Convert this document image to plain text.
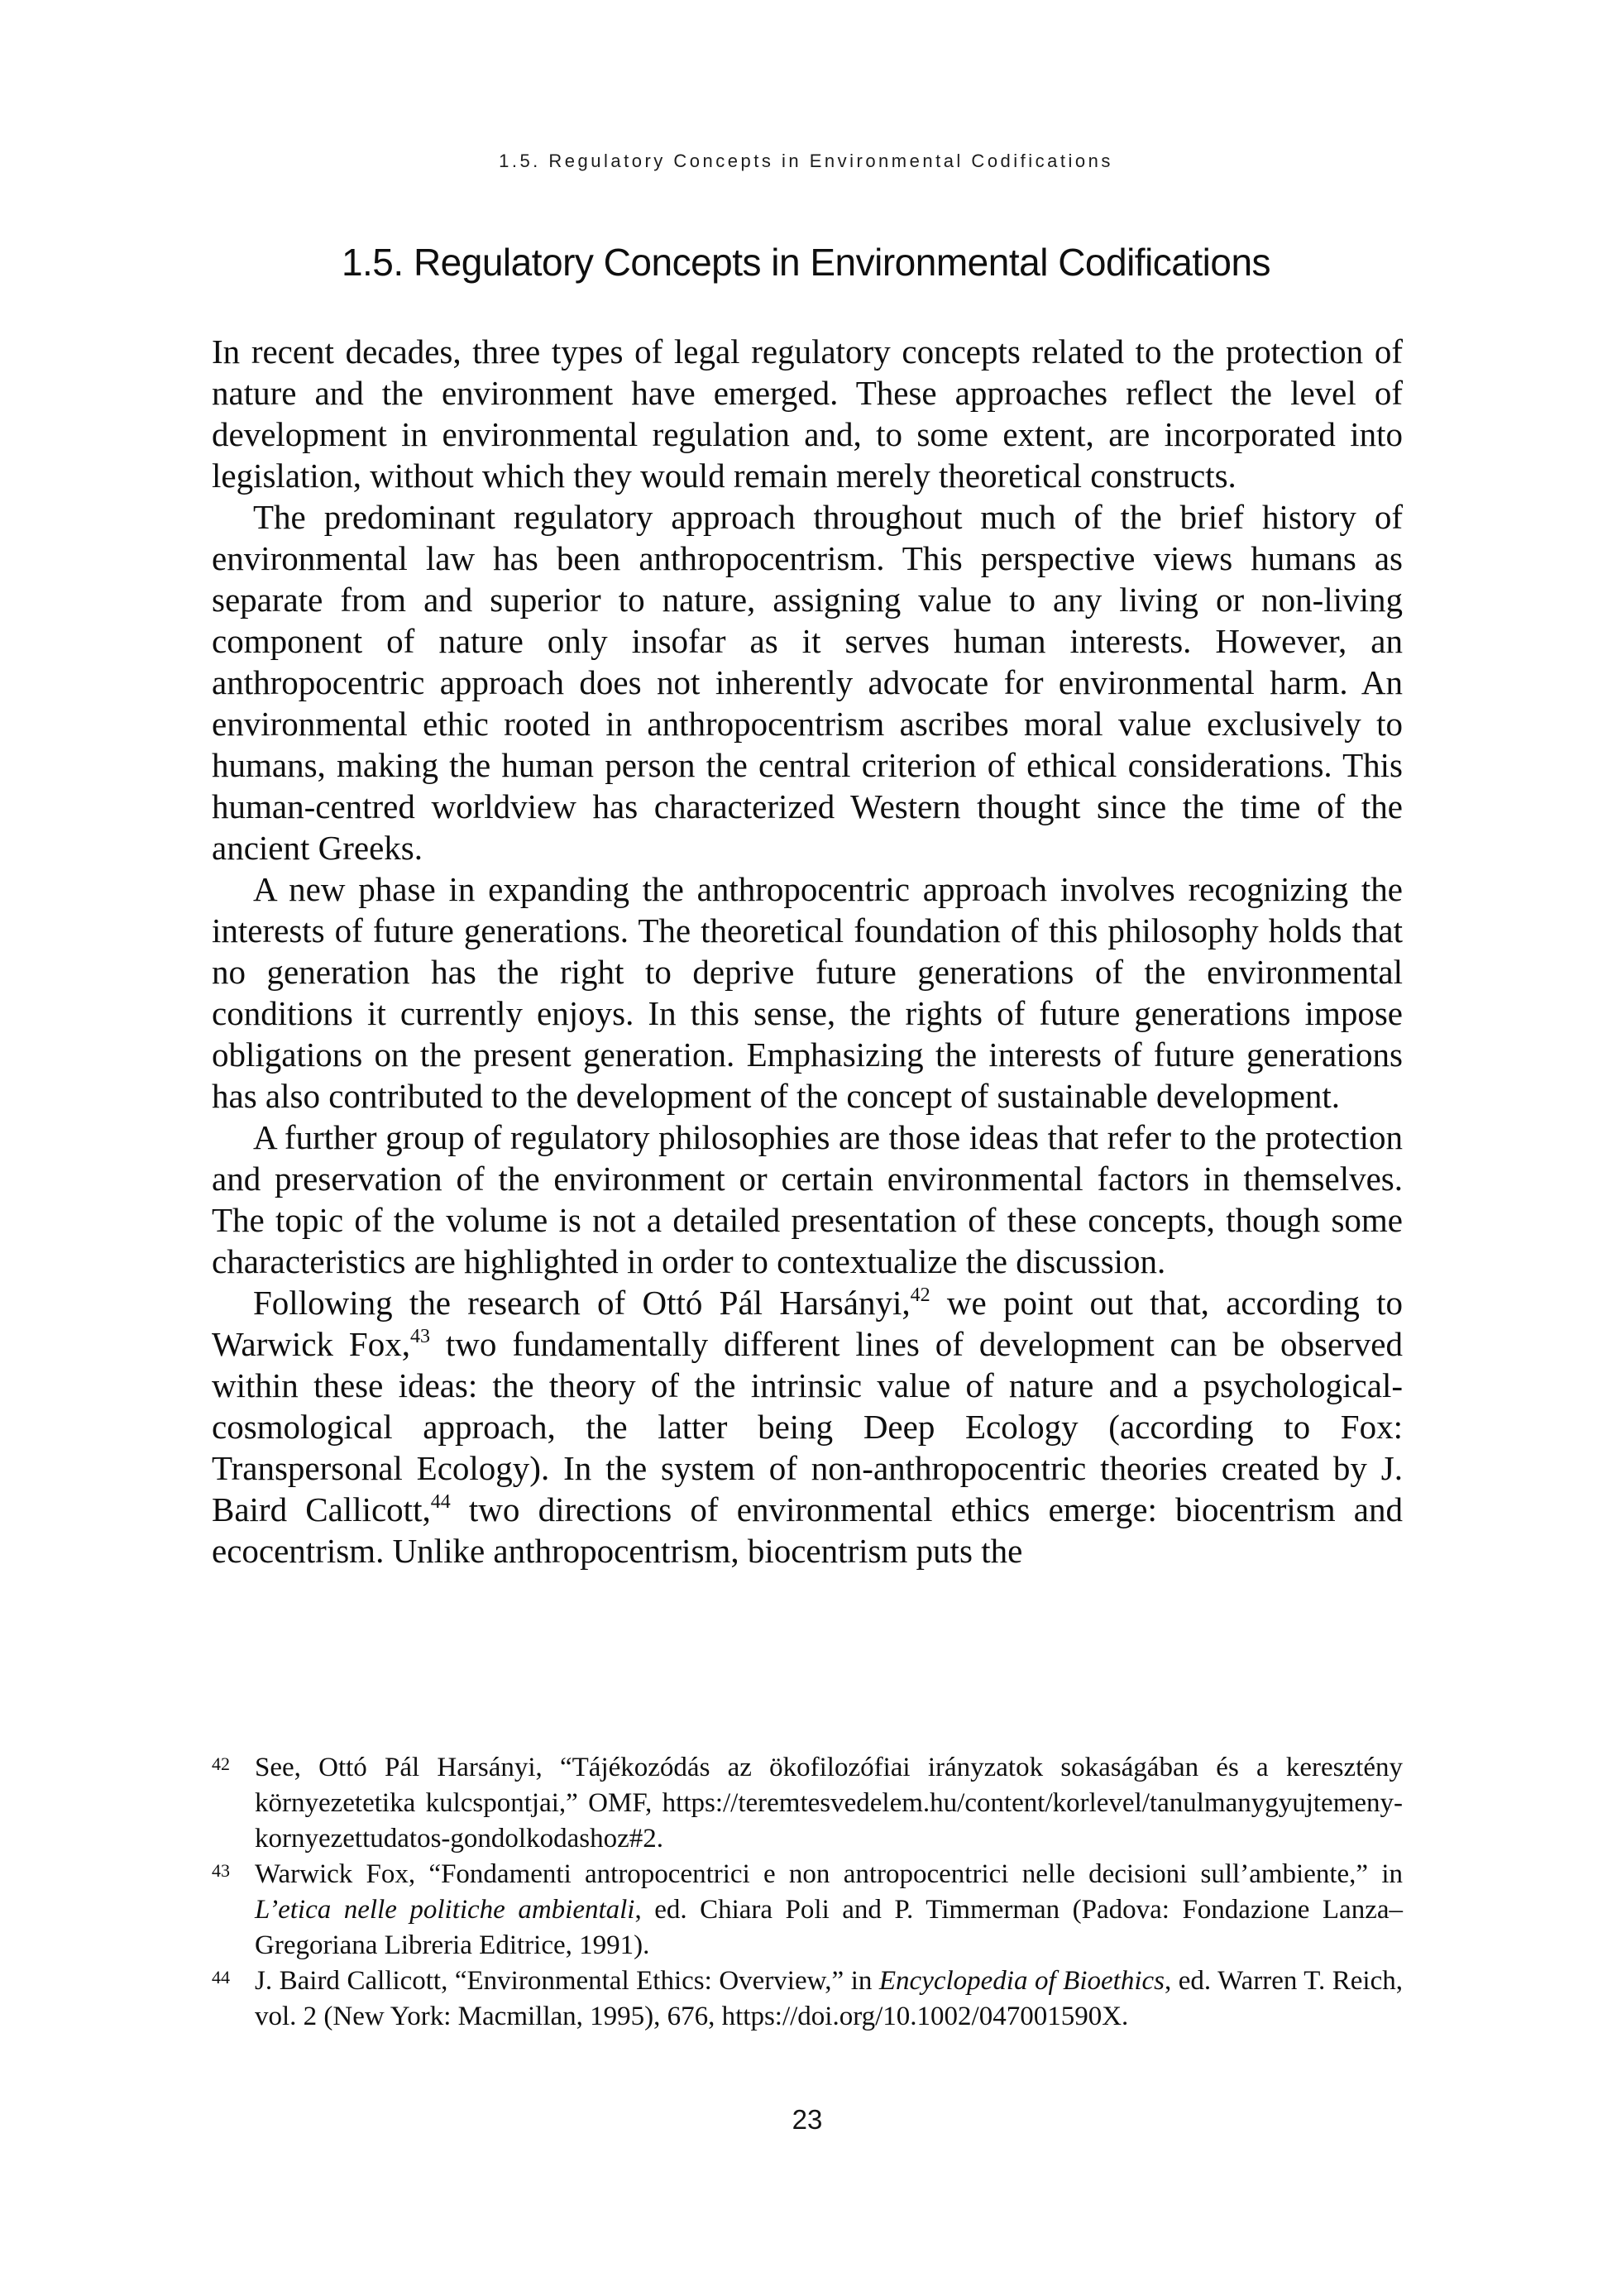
1.5. Regulatory Concepts in Environmental Codifications
1.5. Regulatory Concepts in Environmental Codifications

In recent decades, three types of legal regulatory concepts related to the protection of nature and the environment have emerged. These approaches reflect the level of development in environmental regulation and, to some extent, are incorporated into legislation, without which they would remain merely theoretical constructs.

The predominant regulatory approach throughout much of the brief history of environmental law has been anthropocentrism. This perspective views humans as separate from and superior to nature, assigning value to any living or non-living component of nature only insofar as it serves human interests. However, an anthropocentric approach does not inherently advocate for environmental harm. An environmental ethic rooted in anthropocentrism ascribes moral value exclusively to humans, making the human person the central criterion of ethical considerations. This human-centred worldview has characterized Western thought since the time of the ancient Greeks.

A new phase in expanding the anthropocentric approach involves recognizing the interests of future generations. The theoretical foundation of this philosophy holds that no generation has the right to deprive future generations of the environmental conditions it currently enjoys. In this sense, the rights of future generations impose obligations on the present generation. Emphasizing the interests of future generations has also contributed to the development of the concept of sustainable development.

A further group of regulatory philosophies are those ideas that refer to the protection and preservation of the environment or certain environmental factors in themselves. The topic of the volume is not a detailed presentation of these concepts, though some characteristics are highlighted in order to contextualize the discussion.

Following the research of Ottó Pál Harsányi,$^{42}$ we point out that, according to Warwick Fox,$^{43}$ two fundamentally different lines of development can be observed within these ideas: the theory of the intrinsic value of nature and a psychological-cosmological approach, the latter being Deep Ecology (according to Fox: Transpersonal Ecology). In the system of non-anthropocentric theories created by J. Baird Callicott,$^{44}$ two directions of environmental ethics emerge: biocentrism and ecocentrism. Unlike anthropocentrism, biocentrism puts the

42 See, Ottó Pál Harsányi, “Tájékozódás az ökofilozófiai irányzatok sokaságában és a keresztény környezetetika kulcspontjai,” OMF, https://teremtesvedelem.hu/content/korlevel/tanulmanygyujtemeny-kornyezettudatos-gondolkodashoz#2.
43 Warwick Fox, “Fondamenti antropocentrici e non antropocentrici nelle decisioni sull’ambiente,” in L’etica nelle politiche ambientali, ed. Chiara Poli and P. Timmerman (Padova: Fondazione Lanza–Gregoriana Libreria Editrice, 1991).
44 J. Baird Callicott, “Environmental Ethics: Overview,” in Encyclopedia of Bioethics, ed. Warren T. Reich, vol. 2 (New York: Macmillan, 1995), 676, https://doi.org/10.1002/047001590X.
23
